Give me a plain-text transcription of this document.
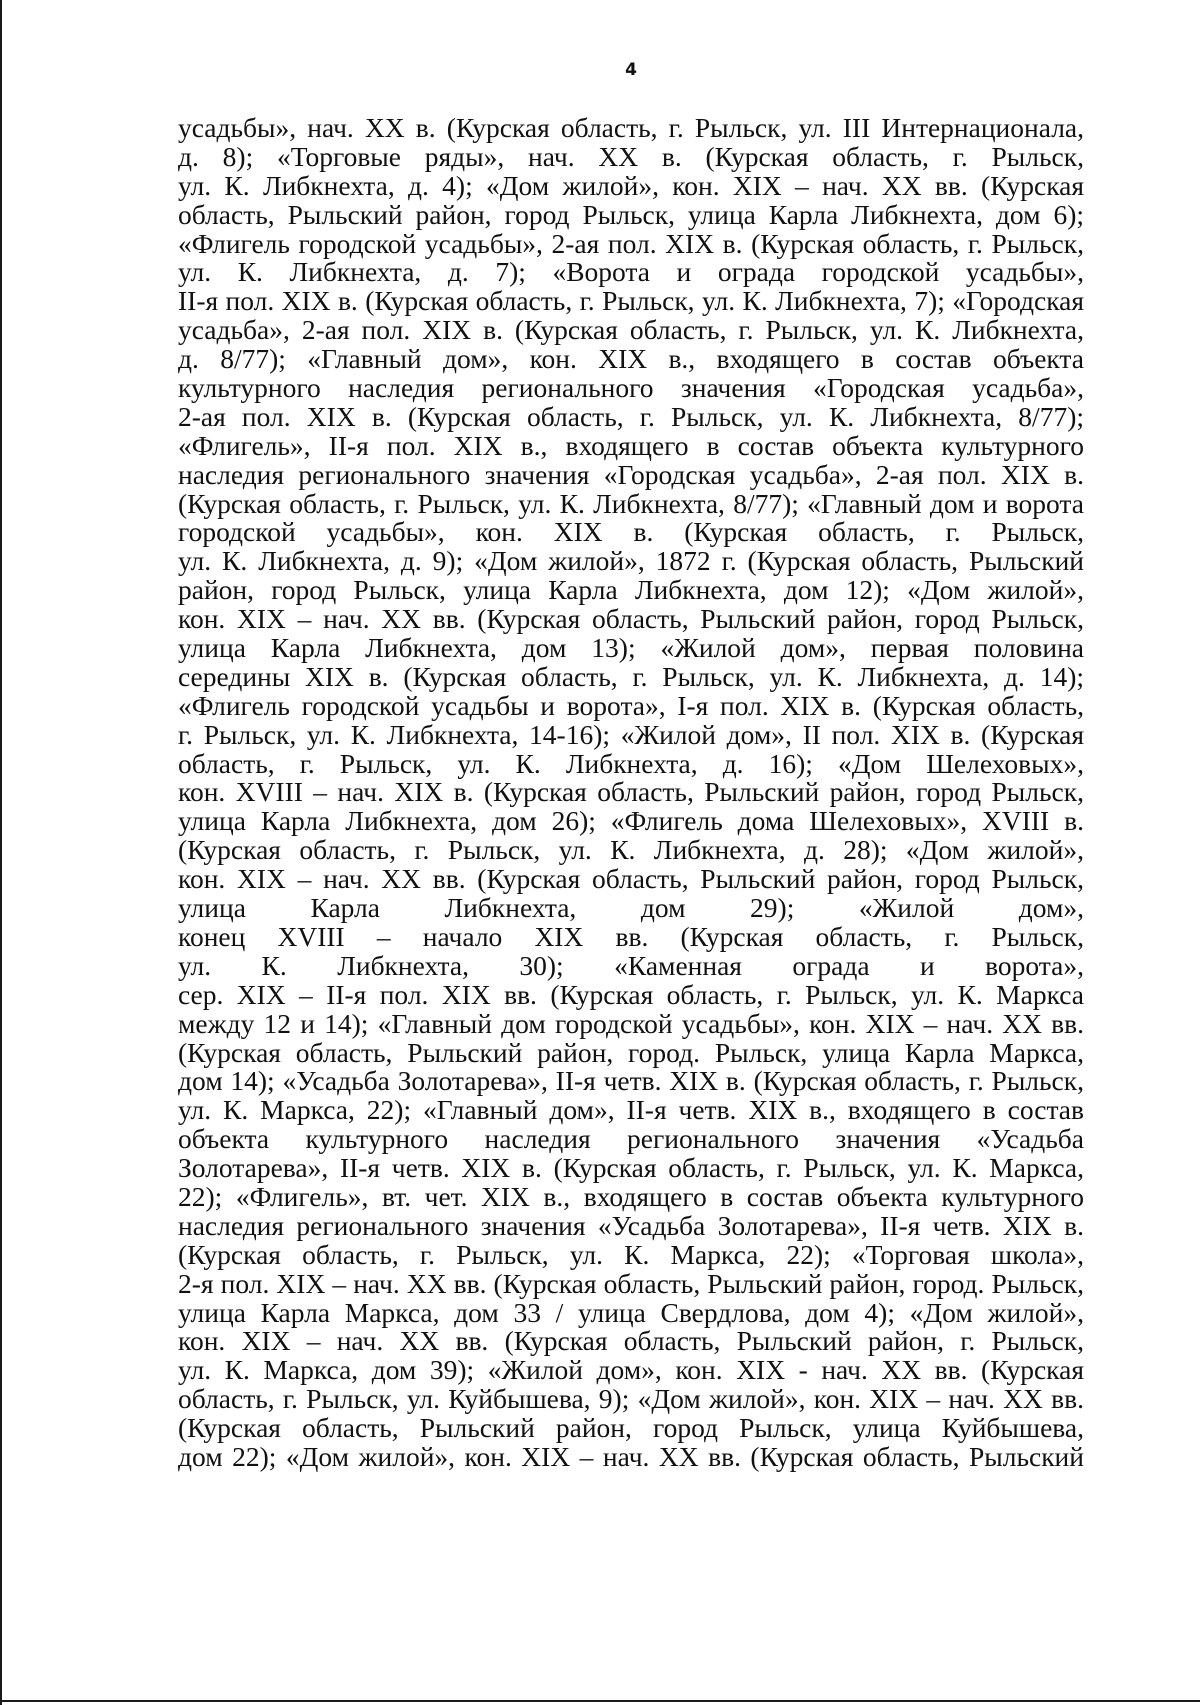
4
усадьбы», нач. XX в. (Курская область, г. Рыльск, ул. III Интернационала,
д. 8); «Торговые ряды», нач. XX в. (Курская область, г. Рыльск,
ул. К. Либкнехта, д. 4); «Дом жилой», кон. XIX – нач. XX вв. (Курская
область, Рыльский район, город Рыльск, улица Карла Либкнехта, дом 6);
«Флигель городской усадьбы», 2-ая пол. XIX в. (Курская область, г. Рыльск,
ул. К. Либкнехта, д. 7); «Ворота и ограда городской усадьбы»,
II-я пол. XIX в. (Курская область, г. Рыльск, ул. К. Либкнехта, 7); «Городская
усадьба», 2-ая пол. XIX в. (Курская область, г. Рыльск, ул. К. Либкнехта,
д. 8/77); «Главный дом», кон. XIX в., входящего в состав объекта
культурного наследия регионального значения «Городская усадьба»,
2-ая пол. XIX в. (Курская область, г. Рыльск, ул. К. Либкнехта, 8/77);
«Флигель», II-я пол. XIX в., входящего в состав объекта культурного
наследия регионального значения «Городская усадьба», 2-ая пол. XIX в.
(Курская область, г. Рыльск, ул. К. Либкнехта, 8/77); «Главный дом и ворота
городской усадьбы», кон. XIX в. (Курская область, г. Рыльск,
ул. К. Либкнехта, д. 9); «Дом жилой», 1872 г. (Курская область, Рыльский
район, город Рыльск, улица Карла Либкнехта, дом 12); «Дом жилой»,
кон. XIX – нач. XX вв. (Курская область, Рыльский район, город Рыльск,
улица Карла Либкнехта, дом 13); «Жилой дом», первая половина
середины XIX в. (Курская область, г. Рыльск, ул. К. Либкнехта, д. 14);
«Флигель городской усадьбы и ворота», I-я пол. XIX в. (Курская область,
г. Рыльск, ул. К. Либкнехта, 14-16); «Жилой дом», II пол. XIX в. (Курская
область, г. Рыльск, ул. К. Либкнехта, д. 16); «Дом Шелеховых»,
кон. XVIII – нач. XIX в. (Курская область, Рыльский район, город Рыльск,
улица Карла Либкнехта, дом 26); «Флигель дома Шелеховых», XVIII в.
(Курская область, г. Рыльск, ул. К. Либкнехта, д. 28); «Дом жилой»,
кон. XIX – нач. XX вв. (Курская область, Рыльский район, город Рыльск,
улица Карла Либкнехта, дом 29); «Жилой дом»,
конец XVIII – начало XIX вв. (Курская область, г. Рыльск,
ул. К. Либкнехта, 30); «Каменная ограда и ворота»,
сер. XIX – II-я пол. XIX вв. (Курская область, г. Рыльск, ул. К. Маркса
между 12 и 14); «Главный дом городской усадьбы», кон. XIX – нач. XX вв.
(Курская область, Рыльский район, город. Рыльск, улица Карла Маркса,
дом 14); «Усадьба Золотарева», II-я четв. XIX в. (Курская область, г. Рыльск,
ул. К. Маркса, 22); «Главный дом», II-я четв. XIX в., входящего в состав
объекта культурного наследия регионального значения «Усадьба
Золотарева», II-я четв. XIX в. (Курская область, г. Рыльск, ул. К. Маркса,
22); «Флигель», вт. чет. XIX в., входящего в состав объекта культурного
наследия регионального значения «Усадьба Золотарева», II-я четв. XIX в.
(Курская область, г. Рыльск, ул. К. Маркса, 22); «Торговая школа»,
2-я пол. XIX – нач. XX вв. (Курская область, Рыльский район, город. Рыльск,
улица Карла Маркса, дом 33 / улица Свердлова, дом 4); «Дом жилой»,
кон. XIX – нач. XX вв. (Курская область, Рыльский район, г. Рыльск,
ул. К. Маркса, дом 39); «Жилой дом», кон. XIX - нач. XX вв. (Курская
область, г. Рыльск, ул. Куйбышева, 9); «Дом жилой», кон. XIX – нач. XX вв.
(Курская область, Рыльский район, город Рыльск, улица Куйбышева,
дом 22); «Дом жилой», кон. XIX – нач. XX вв. (Курская область, Рыльский
